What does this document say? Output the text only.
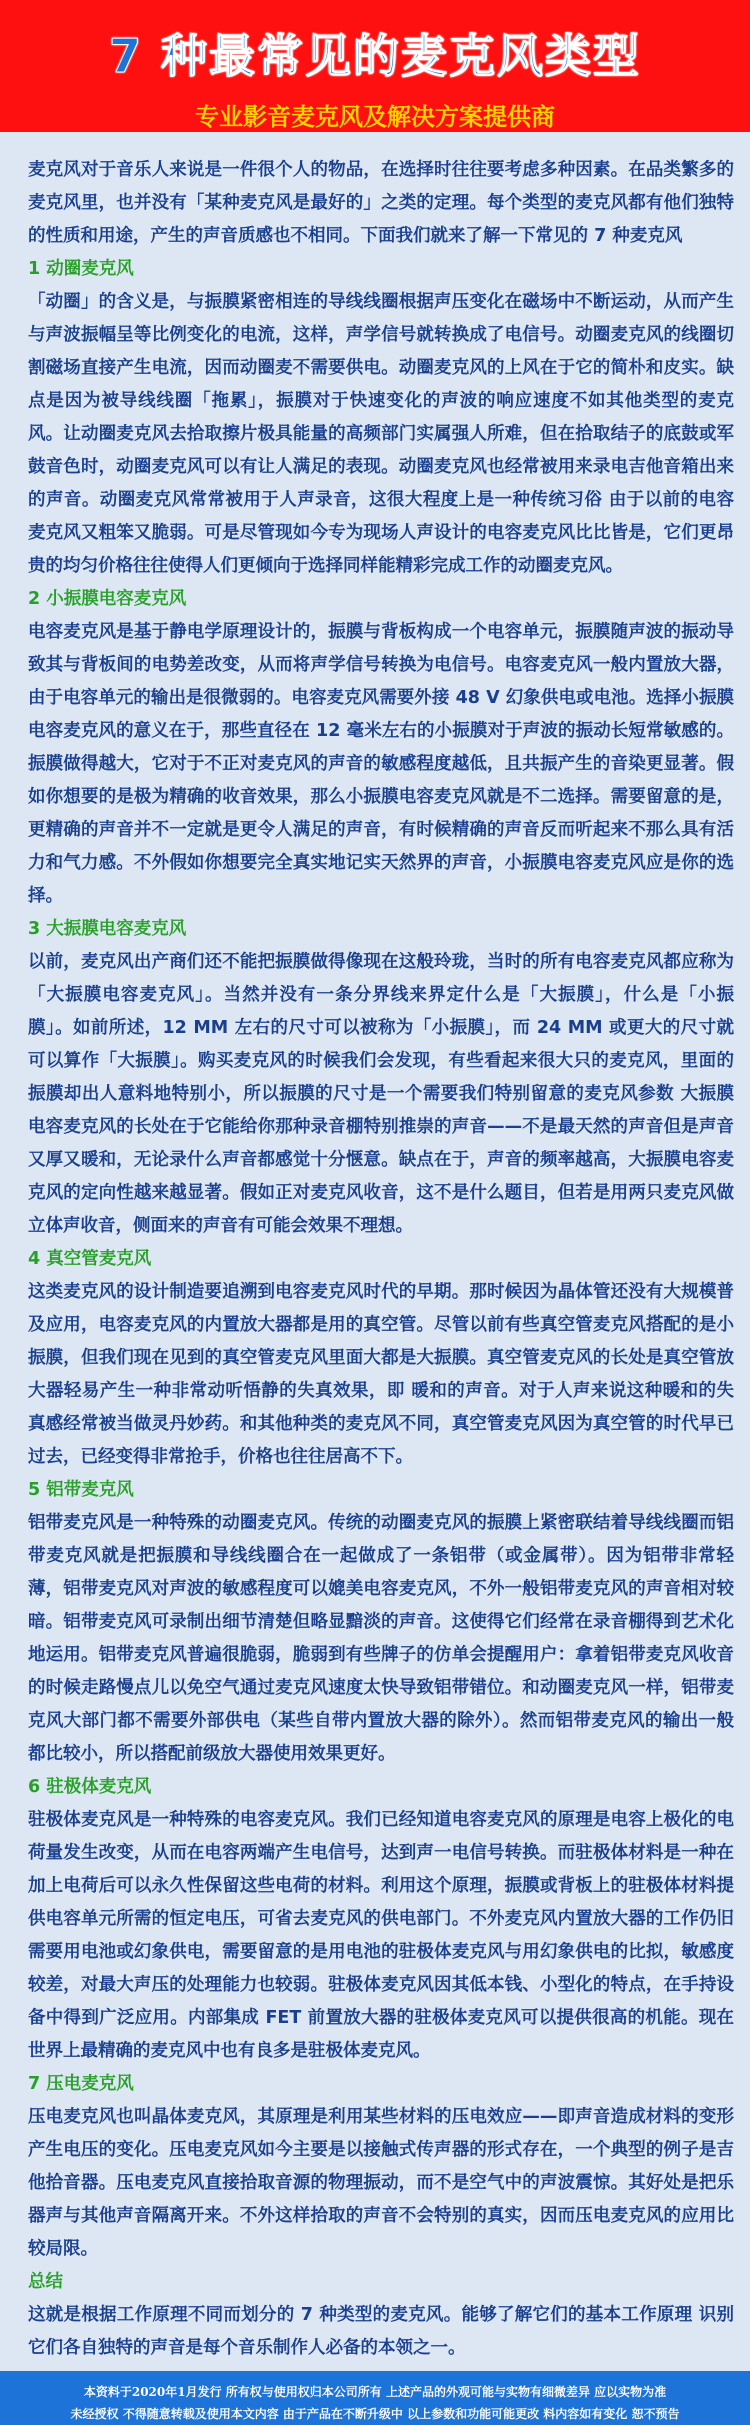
7 种最常见的麦克风类型
专业影音麦克风及解决方案提供商

麦克风对于音乐人来说是一件很个人的物品，在选择时往往要考虑多种因素。在品类繁多的麦克风里，也并没有「某种麦克风是最好的」之类的定理。每个类型的麦克风都有他们独特的性质和用途，产生的声音质感也不相同。下面我们就来了解一下常见的 7 种麦克风

1 动圈麦克风

「动圈」的含义是，与振膜紧密相连的导线线圈根据声压变化在磁场中不断运动，从而产生与声波振幅呈等比例变化的电流，这样，声学信号就转换成了电信号。动圈麦克风的线圈切割磁场直接产生电流，因而动圈麦不需要供电。动圈麦克风的上风在于它的简朴和皮实。缺点是因为被导线线圈「拖累」，振膜对于快速变化的声波的响应速度不如其他类型的麦克风。让动圈麦克风去拾取擦片极具能量的高频部门实属强人所难，但在拾取结子的底鼓或军鼓音色时，动圈麦克风可以有让人满足的表现。动圈麦克风也经常被用来录电吉他音箱出来的声音。动圈麦克风常常被用于人声录音，这很大程度上是一种传统习俗 由于以前的电容麦克风又粗笨又脆弱。可是尽管现如今专为现场人声设计的电容麦克风比比皆是，它们更昂贵的均匀价格往往使得人们更倾向于选择同样能精彩完成工作的动圈麦克风。

2 小振膜电容麦克风

电容麦克风是基于静电学原理设计的，振膜与背板构成一个电容单元，振膜随声波的振动导致其与背板间的电势差改变，从而将声学信号转换为电信号。电容麦克风一般内置放大器，由于电容单元的输出是很微弱的。电容麦克风需要外接 48 V 幻象供电或电池。选择小振膜电容麦克风的意义在于，那些直径在 12 毫米左右的小振膜对于声波的振动长短常敏感的。振膜做得越大，它对于不正对麦克风的声音的敏感程度越低，且共振产生的音染更显著。假如你想要的是极为精确的收音效果，那么小振膜电容麦克风就是不二选择。需要留意的是，更精确的声音并不一定就是更令人满足的声音，有时候精确的声音反而听起来不那么具有活力和气力感。不外假如你想要完全真实地记实天然界的声音，小振膜电容麦克风应是你的选择。

3 大振膜电容麦克风

以前，麦克风出产商们还不能把振膜做得像现在这般玲珑，当时的所有电容麦克风都应称为「大振膜电容麦克风」。当然并没有一条分界线来界定什么是「大振膜」，什么是「小振膜」。如前所述，12 MM 左右的尺寸可以被称为「小振膜」，而 24 MM 或更大的尺寸就可以算作「大振膜」。购买麦克风的时候我们会发现，有些看起来很大只的麦克风，里面的振膜却出人意料地特别小，所以振膜的尺寸是一个需要我们特别留意的麦克风参数 大振膜电容麦克风的长处在于它能给你那种录音棚特别推崇的声音——不是最天然的声音但是声音又厚又暖和，无论录什么声音都感觉十分惬意。缺点在于，声音的频率越高，大振膜电容麦克风的定向性越来越显著。假如正对麦克风收音，这不是什么题目，但若是用两只麦克风做立体声收音，侧面来的声音有可能会效果不理想。

4 真空管麦克风

这类麦克风的设计制造要追溯到电容麦克风时代的早期。那时候因为晶体管还没有大规模普及应用，电容麦克风的内置放大器都是用的真空管。尽管以前有些真空管麦克风搭配的是小振膜，但我们现在见到的真空管麦克风里面大都是大振膜。真空管麦克风的长处是真空管放大器轻易产生一种非常动听悟静的失真效果，即 暖和的声音。对于人声来说这种暖和的失真感经常被当做灵丹妙药。和其他种类的麦克风不同，真空管麦克风因为真空管的时代早已过去，已经变得非常抢手，价格也往往居高不下。

5 铝带麦克风

铝带麦克风是一种特殊的动圈麦克风。传统的动圈麦克风的振膜上紧密联结着导线线圈而铝带麦克风就是把振膜和导线线圈合在一起做成了一条铝带（或金属带）。因为铝带非常轻薄，铝带麦克风对声波的敏感程度可以媲美电容麦克风，不外一般铝带麦克风的声音相对较暗。铝带麦克风可录制出细节清楚但略显黯淡的声音。这使得它们经常在录音棚得到艺术化地运用。铝带麦克风普遍很脆弱，脆弱到有些牌子的仿单会提醒用户：拿着铝带麦克风收音的时候走路慢点儿以免空气通过麦克风速度太快导致铝带错位。和动圈麦克风一样，铝带麦克风大部门都不需要外部供电（某些自带内置放大器的除外）。然而铝带麦克风的输出一般都比较小，所以搭配前级放大器使用效果更好。

6 驻极体麦克风

驻极体麦克风是一种特殊的电容麦克风。我们已经知道电容麦克风的原理是电容上极化的电荷量发生改变，从而在电容两端产生电信号，达到声一电信号转换。而驻极体材料是一种在加上电荷后可以永久性保留这些电荷的材料。利用这个原理，振膜或背板上的驻极体材料提供电容单元所需的恒定电压，可省去麦克风的供电部门。不外麦克风内置放大器的工作仍旧需要用电池或幻象供电，需要留意的是用电池的驻极体麦克风与用幻象供电的比拟，敏感度较差，对最大声压的处理能力也较弱。驻极体麦克风因其低本钱、小型化的特点，在手持设备中得到广泛应用。内部集成 FET 前置放大器的驻极体麦克风可以提供很高的机能。现在世界上最精确的麦克风中也有良多是驻极体麦克风。

7 压电麦克风

压电麦克风也叫晶体麦克风，其原理是利用某些材料的压电效应——即声音造成材料的变形产生电压的变化。压电麦克风如今主要是以接触式传声器的形式存在，一个典型的例子是吉他拾音器。压电麦克风直接拾取音源的物理振动，而不是空气中的声波震惊。其好处是把乐器声与其他声音隔离开来。不外这样拾取的声音不会特别的真实，因而压电麦克风的应用比较局限。

总结

这就是根据工作原理不同而划分的 7 种类型的麦克风。能够了解它们的基本工作原理 识别它们各自独特的声音是每个音乐制作人必备的本领之一。

本资料于2020年1月发行 所有权与使用权归本公司所有 上述产品的外观可能与实物有细微差异 应以实物为准
未经授权 不得随意转载及使用本文内容 由于产品在不断升级中 以上参数和功能可能更改 料内容如有变化 恕不预告
